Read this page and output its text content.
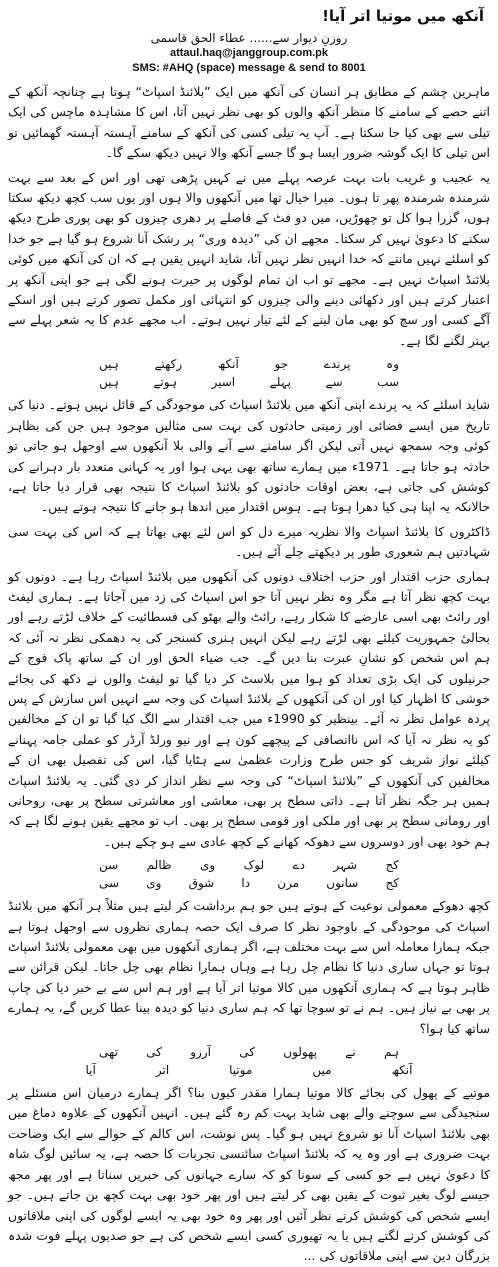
آنکھ میں موتیا اتر آیا!
روزنِ دیوار سے...... عطاء الحق قاسمی
attaul.haq@janggroup.com.pk
SMS: #AHQ (space) message & send to 8001

ماہرین چشم کے مطابق ہر انسان کی آنکھ میں ایک ”بلائنڈ اسپاٹ“ ہوتا ہے چنانچہ آنکھ کے اتنے حصے کے سامنے کا منظر آنکھ والوں کو بھی نظر نہیں آتا، اس کا مشاہدہ ماچس کی ایک تیلی سے بھی کیا جا سکتا ہے۔ آپ یہ تیلی کسی کی آنکھ کے سامنے آہستہ آہستہ گھمائیں تو اس تیلی کا ایک گوشہ ضرور ایسا ہو گا جسے آنکھ والا نہیں دیکھ سکے گا۔

یہ عجیب و غریب بات بہت عرصہ پہلے میں نے کہیں پڑھی تھی اور اس کے بعد سے بہت شرمندہ شرمندہ پھر تا ہوں۔ میرا خیال تھا میں آنکھوں والا ہوں اور یوں سب کچھ دیکھ سکتا ہوں، گزرا ہوا کل تو چھوڑیں، میں دو فٹ کے فاصلے پر دھری چیزوں کو بھی پوری طرح دیکھ سکنے کا دعویٰ نہیں کر سکتا۔ مجھے ان کی ”دیدہ وری“ پر رشک آنا شروع ہو گیا ہے جو خدا کو اسلئے نہیں مانتے کہ خدا انہیں نظر نہیں آتا، شاید انہیں یقین ہے کہ ان کی آنکھ میں کوئی بلائنڈ اسپاٹ نہیں ہے۔ مجھے تو اب ان تمام لوگوں پر حیرت ہونے لگی ہے جو اپنی آنکھ پر اعتبار کرتے ہیں اور دکھائی دینے والی چیزوں کو انتہائی اور مکمل تصور کرتے ہیں اور اسکے آگے کسی اور سچ کو بھی مان لینے کے لئے تیار نہیں ہوتے۔ اب مجھے عدم کا یہ شعر پہلے سے بہتر لگنے لگا ہے۔

وہ
پرندے
جو
آنکھ
رکھتے
ہیں
سب
سے
پہلے
اسیر
ہوتے
ہیں

شاید اسلئے کہ یہ پرندے اپنی آنکھ میں بلائنڈ اسپاٹ کی موجودگی کے قائل نہیں ہوتے۔ دنیا کی تاریخ میں ایسے فضائی اور زمینی حادثوں کی بہت سی مثالیں موجود ہیں جن کی بظاہر کوئی وجہ سمجھ نہیں آتی لیکن اگر سامنے سے آنے والی بلا آنکھوں سے اوجھل ہو جاتی تو حادثہ ہو جاتا ہے۔ 1971ء میں ہمارے ساتھ بھی یہی ہوا اور یہ کہانی متعدد بار دہرانے کی کوشش کی جاتی ہے، بعض اوقات حادثوں کو بلائنڈ اسپاٹ کا نتیجہ بھی قرار دیا جاتا ہے، حالانکہ یہ اپنا ہی کیا دھرا ہوتا ہے۔ ہوس اقتدار میں اندھا ہو جانے کا نتیجہ ہوتے ہیں۔

ڈاکٹروں کا بلائنڈ اسپاٹ والا نظریہ میرے دل کو اس لئے بھی بھاتا ہے کہ اس کی بہت سی شہادتیں ہم شعوری طور پر دیکھتے چلے آئے ہیں۔

ہماری حزب اقتدار اور حزب اختلاف دونوں کی آنکھوں میں بلائنڈ اسپاٹ رہا ہے۔ دونوں کو بہت کچھ نظر آتا ہے مگر وہ نظر نہیں آتا جو اس اسپاٹ کی زد میں آجاتا ہے۔ ہماری لیفٹ اور رائٹ بھی اسی عارضے کا شکار رہے، رائٹ والے بھٹو کی فسطائیت کے خلاف لڑتے رہے اور بحالیٔ جمہوریت کیلئے بھی لڑتے رہے لیکن انہیں ہنری کسنجر کی یہ دھمکی نظر نہ آئی کہ ہم اس شخص کو نشانِ عبرت بنا دیں گے۔ جب ضیاء الحق اور ان کے ساتھ پاک فوج کے جرنیلوں کی ایک بڑی تعداد کو ہوا میں بلاسٹ کر دیا گیا تو لیفٹ والوں نے دکھ کی بجائے خوشی کا اظہار کیا اور ان کی آنکھوں کے بلائنڈ اسپاٹ کی وجہ سے انہیں اس سازش کے پس پردہ عوامل نظر نہ آئے۔ بینظیر کو 1990ء میں جب اقتدار سے الگ کیا گیا تو ان کے مخالفین کو یہ نظر نہ آیا کہ اس ناانصافی کے پیچھے کون ہے اور نیو ورلڈ آرڈر کو عملی جامہ پہنانے کیلئے نواز شریف کو جس طرح وزارت عظمیٰ سے ہٹایا گیا، اس کی تفصیل بھی ان کے مخالفین کی آنکھوں کے ”بلائنڈ اسپاٹ“ کی وجہ سے نظر انداز کر دی گئی۔ یہ بلائنڈ اسپاٹ ہمیں ہر جگہ نظر آتا ہے۔ ذاتی سطح پر بھی، معاشی اور معاشرتی سطح پر بھی، روحانی اور رومانی سطح پر بھی اور ملکی اور قومی سطح پر بھی۔ اب تو مجھے یقین ہونے لگا ہے کہ ہم خود بھی اور دوسروں سے دھوکہ کھانے کے کچھ عادی سے ہو چکے ہیں۔

کج
شہر
دے
لوک
وی
ظالم
سن
کج
سانوں
مرن
دا
شوق
وی
سی

کچھ دھوکے معمولی نوعیت کے ہوتے ہیں جو ہم برداشت کر لیتے ہیں مثلاً ہر آنکھ میں بلائنڈ اسپاٹ کی موجودگی کے باوجود نظر کا صرف ایک حصہ ہماری نظروں سے اوجھل ہوتا ہے جبکہ ہمارا معاملہ اس سے بہت مختلف ہے، اگر ہماری آنکھوں میں بھی معمولی بلائنڈ اسپاٹ ہوتا تو جہاں ساری دنیا کا نظام چل رہا ہے وہاں ہمارا نظام بھی چل جاتا۔ لیکن قرائن سے ظاہر ہوتا ہے کہ ہماری آنکھوں میں کالا موتیا اتر آیا ہے اور ہم اس سے بے خبر دیا کی چاپ پر بھی بے نیاز ہیں۔ ہم نے تو سوچا تھا کہ ہم ساری دنیا کو دیدہ بینا عطا کریں گے، یہ ہمارے ساتھ کیا ہوا؟

ہم
نے
پھولوں
کی
آرزو
کی
تھی
آنکھ
میں
موتیا
اتر
آیا

موتیے کے پھول کی بجائے کالا موتیا ہمارا مقدر کیوں بنا؟ اگر ہمارے درمیان اس مسئلے پر سنجیدگی سے سوچنے والے بھی شاید بہت کم رہ گئے ہیں۔ انہیں آنکھوں کے علاوہ دماغ میں بھی بلائنڈ اسپاٹ آنا تو شروع نہیں ہو گیا۔ پس نوشت، اس کالم کے حوالے سے ایک وضاحت بہت ضروری ہے اور وہ یہ کہ بلائنڈ اسپاٹ سائنسی تجربات کا حصہ ہے، یہ سائیں لوگ شاہ کا دعویٰ نہیں ہے جو کسی کے سونا کو کہ سارے جہانوں کی خبریں سناتا ہے اور پھر مجھ جیسے لوگ بغیر ثبوت کے یقین بھی کر لیتے ہیں اور پھر خود بھی بہت کچھ بن جاتے ہیں۔ جو ایسے شخص کی کوشش کرتے نظر آئیں اور پھر وہ خود بھی یہ ایسے لوگوں کی اپنی ملاقاتوں کی کوشش کرنے لگتے ہیں یا یہ تھیوری کسی ایسے شخص کی ہے جو صدیوں پہلے فوت شدہ بزرگان دین سے اپنی ملاقاتوں کی ...
